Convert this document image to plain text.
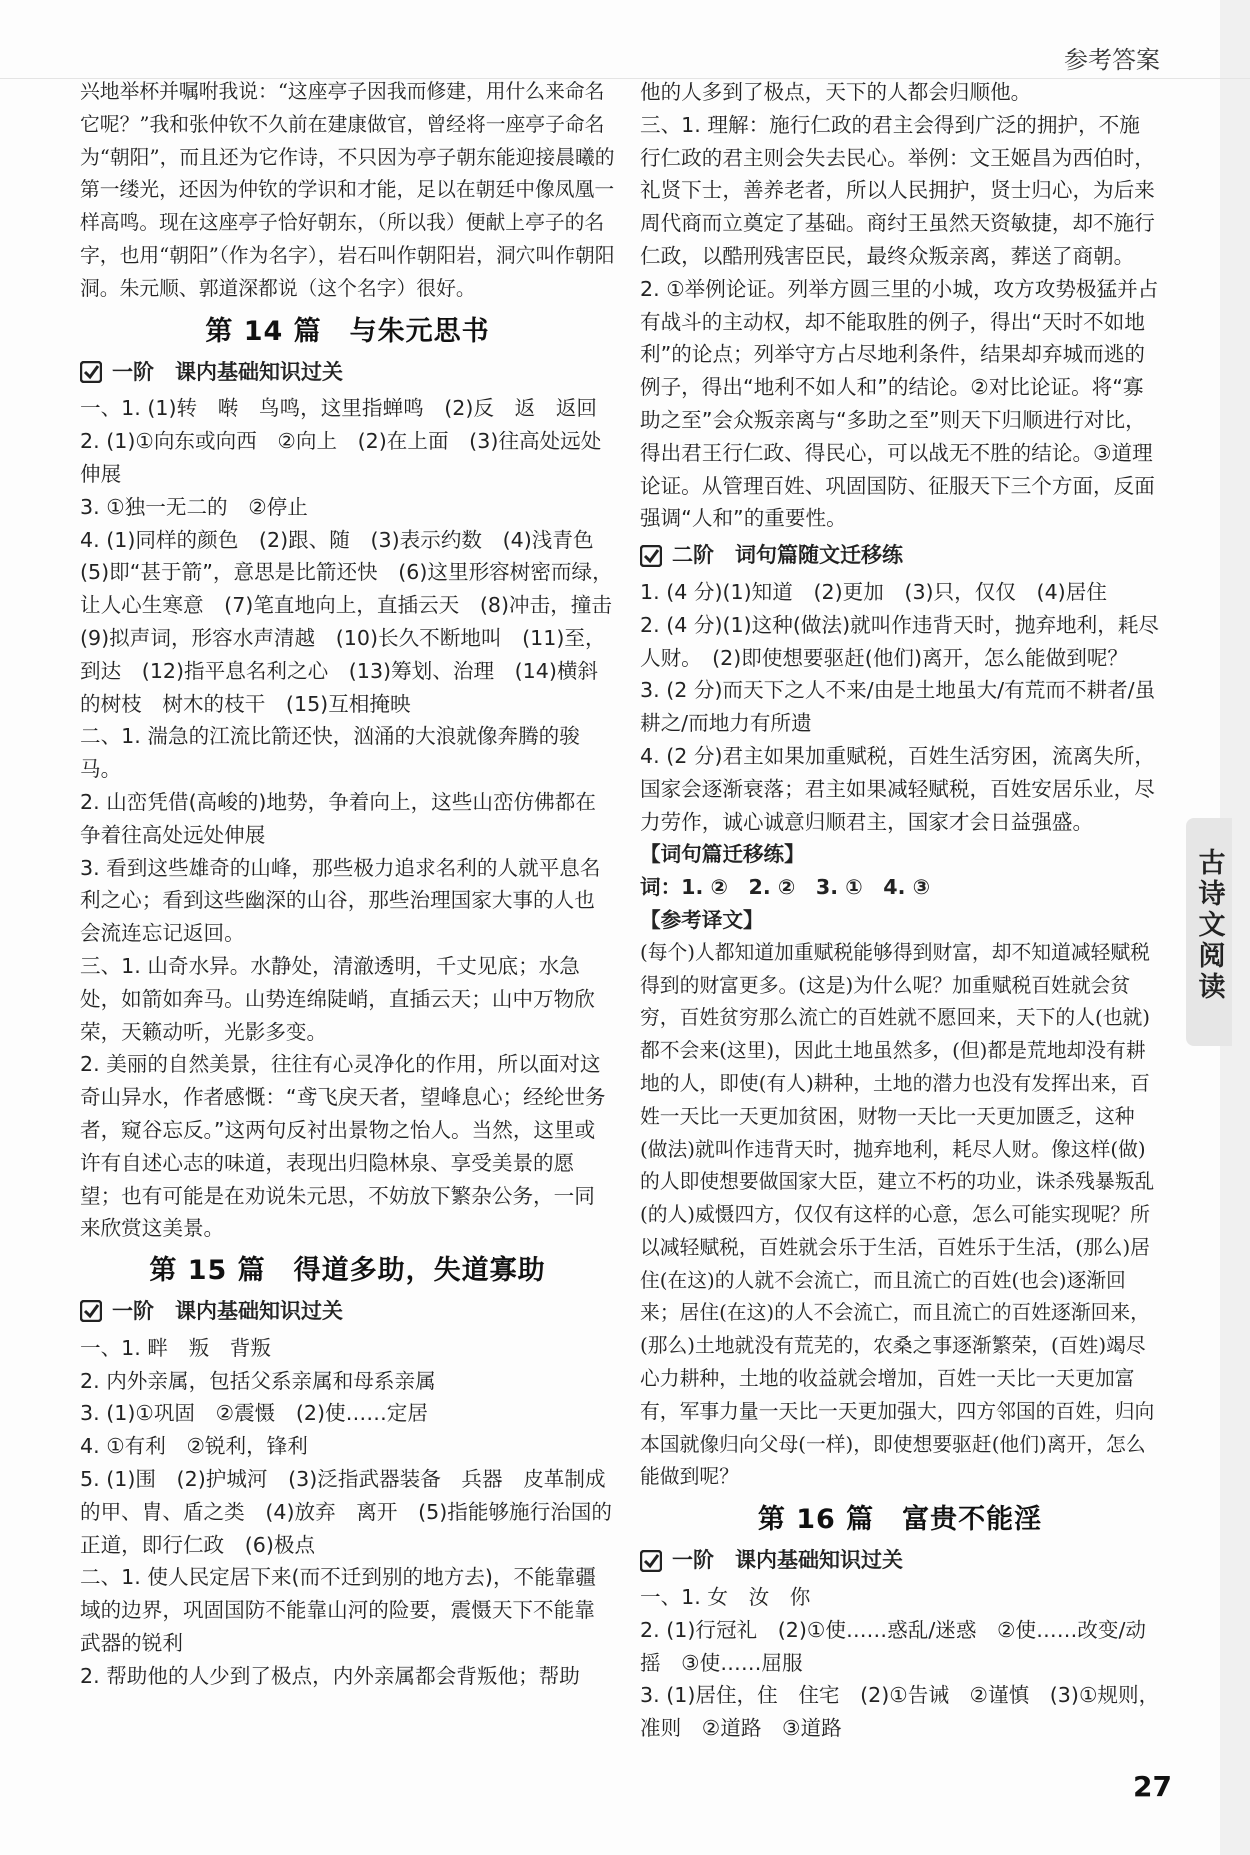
参考答案

兴地举杯并嘱咐我说：“这座亭子因我而修建，用什么来命名它呢？”我和张仲钦不久前在建康做官，曾经将一座亭子命名为“朝阳”，而且还为它作诗，不只因为亭子朝东能迎接晨曦的第一缕光，还因为仲钦的学识和才能，足以在朝廷中像凤凰一样高鸣。现在这座亭子恰好朝东，（所以我）便献上亭子的名字，也用“朝阳”（作为名字），岩石叫作朝阳岩，洞穴叫作朝阳洞。朱元顺、郭道深都说（这个名字）很好。

第 14 篇　与朱元思书

一阶　课内基础知识过关

一、1. (1)转　啭　鸟鸣，这里指蝉鸣　(2)反　返　返回

2. (1)①向东或向西　②向上　(2)在上面　(3)往高处远处伸展

3. ①独一无二的　②停止

4. (1)同样的颜色　(2)跟、随　(3)表示约数　(4)浅青色　(5)即“甚于箭”，意思是比箭还快　(6)这里形容树密而绿，让人心生寒意　(7)笔直地向上，直插云天　(8)冲击，撞击　(9)拟声词，形容水声清越　(10)长久不断地叫　(11)至，到达　(12)指平息名利之心　(13)筹划、治理　(14)横斜的树枝　树木的枝干　(15)互相掩映

二、1. 湍急的江流比箭还快，汹涌的大浪就像奔腾的骏马。

2. 山峦凭借(高峻的)地势，争着向上，这些山峦仿佛都在争着往高处远处伸展

3. 看到这些雄奇的山峰，那些极力追求名利的人就平息名利之心；看到这些幽深的山谷，那些治理国家大事的人也会流连忘记返回。

三、1. 山奇水异。水静处，清澈透明，千丈见底；水急处，如箭如奔马。山势连绵陡峭，直插云天；山中万物欣荣，天籁动听，光影多变。

2. 美丽的自然美景，往往有心灵净化的作用，所以面对这奇山异水，作者感慨：“鸢飞戾天者，望峰息心；经纶世务者，窥谷忘反。”这两句反衬出景物之怡人。当然，这里或许有自述心志的味道，表现出归隐林泉、享受美景的愿望；也有可能是在劝说朱元思，不妨放下繁杂公务，一同来欣赏这美景。

第 15 篇　得道多助，失道寡助

一阶　课内基础知识过关

一、1. 畔　叛　背叛

2. 内外亲属，包括父系亲属和母系亲属

3. (1)①巩固　②震慑　(2)使……定居

4. ①有利　②锐利，锋利

5. (1)围　(2)护城河　(3)泛指武器装备　兵器　皮革制成的甲、胄、盾之类　(4)放弃　离开　(5)指能够施行治国的正道，即行仁政　(6)极点

二、1. 使人民定居下来(而不迁到别的地方去)，不能靠疆域的边界，巩固国防不能靠山河的险要，震慑天下不能靠武器的锐利

2. 帮助他的人少到了极点，内外亲属都会背叛他；帮助

他的人多到了极点，天下的人都会归顺他。

三、1. 理解：施行仁政的君主会得到广泛的拥护，不施行仁政的君主则会失去民心。举例：文王姬昌为西伯时，礼贤下士，善养老者，所以人民拥护，贤士归心，为后来周代商而立奠定了基础。商纣王虽然天资敏捷，却不施行仁政，以酷刑残害臣民，最终众叛亲离，葬送了商朝。

2. ①举例论证。列举方圆三里的小城，攻方攻势极猛并占有战斗的主动权，却不能取胜的例子，得出“天时不如地利”的论点；列举守方占尽地利条件，结果却弃城而逃的例子，得出“地利不如人和”的结论。②对比论证。将“寡助之至”会众叛亲离与“多助之至”则天下归顺进行对比，得出君王行仁政、得民心，可以战无不胜的结论。③道理论证。从管理百姓、巩固国防、征服天下三个方面，反面强调“人和”的重要性。

二阶　词句篇随文迁移练

1. (4 分)(1)知道　(2)更加　(3)只，仅仅　(4)居住

2. (4 分)(1)这种(做法)就叫作违背天时，抛弃地利，耗尽人财。　(2)即使想要驱赶(他们)离开，怎么能做到呢？

3. (2 分)而天下之人不来/由是土地虽大/有荒而不耕者/虽耕之/而地力有所遗

4. (2 分)君主如果加重赋税，百姓生活穷困，流离失所，国家会逐渐衰落；君主如果减轻赋税，百姓安居乐业，尽力劳作，诚心诚意归顺君主，国家才会日益强盛。

【词句篇迁移练】

词：1. ②　2. ②　3. ①　4. ③

【参考译文】

(每个)人都知道加重赋税能够得到财富，却不知道减轻赋税得到的财富更多。(这是)为什么呢？加重赋税百姓就会贫穷，百姓贫穷那么流亡的百姓就不愿回来，天下的人(也就)都不会来(这里)，因此土地虽然多，(但)都是荒地却没有耕地的人，即使(有人)耕种，土地的潜力也没有发挥出来，百姓一天比一天更加贫困，财物一天比一天更加匮乏，这种(做法)就叫作违背天时，抛弃地利，耗尽人财。像这样(做)的人即使想要做国家大臣，建立不朽的功业，诛杀残暴叛乱(的人)威慑四方，仅仅有这样的心意，怎么可能实现呢？所以减轻赋税，百姓就会乐于生活，百姓乐于生活，(那么)居住(在这)的人就不会流亡，而且流亡的百姓(也会)逐渐回来；居住(在这)的人不会流亡，而且流亡的百姓逐渐回来，(那么)土地就没有荒芜的，农桑之事逐渐繁荣，(百姓)竭尽心力耕种，土地的收益就会增加，百姓一天比一天更加富有，军事力量一天比一天更加强大，四方邻国的百姓，归向本国就像归向父母(一样)，即使想要驱赶(他们)离开，怎么能做到呢？

第 16 篇　富贵不能淫

一阶　课内基础知识过关

一、1. 女　汝　你

2. (1)行冠礼　(2)①使……惑乱/迷惑　②使……改变/动摇　③使……屈服

3. (1)居住，住　住宅　(2)①告诫　②谨慎　(3)①规则，准则　②道路　③道路

古诗文阅读
27
